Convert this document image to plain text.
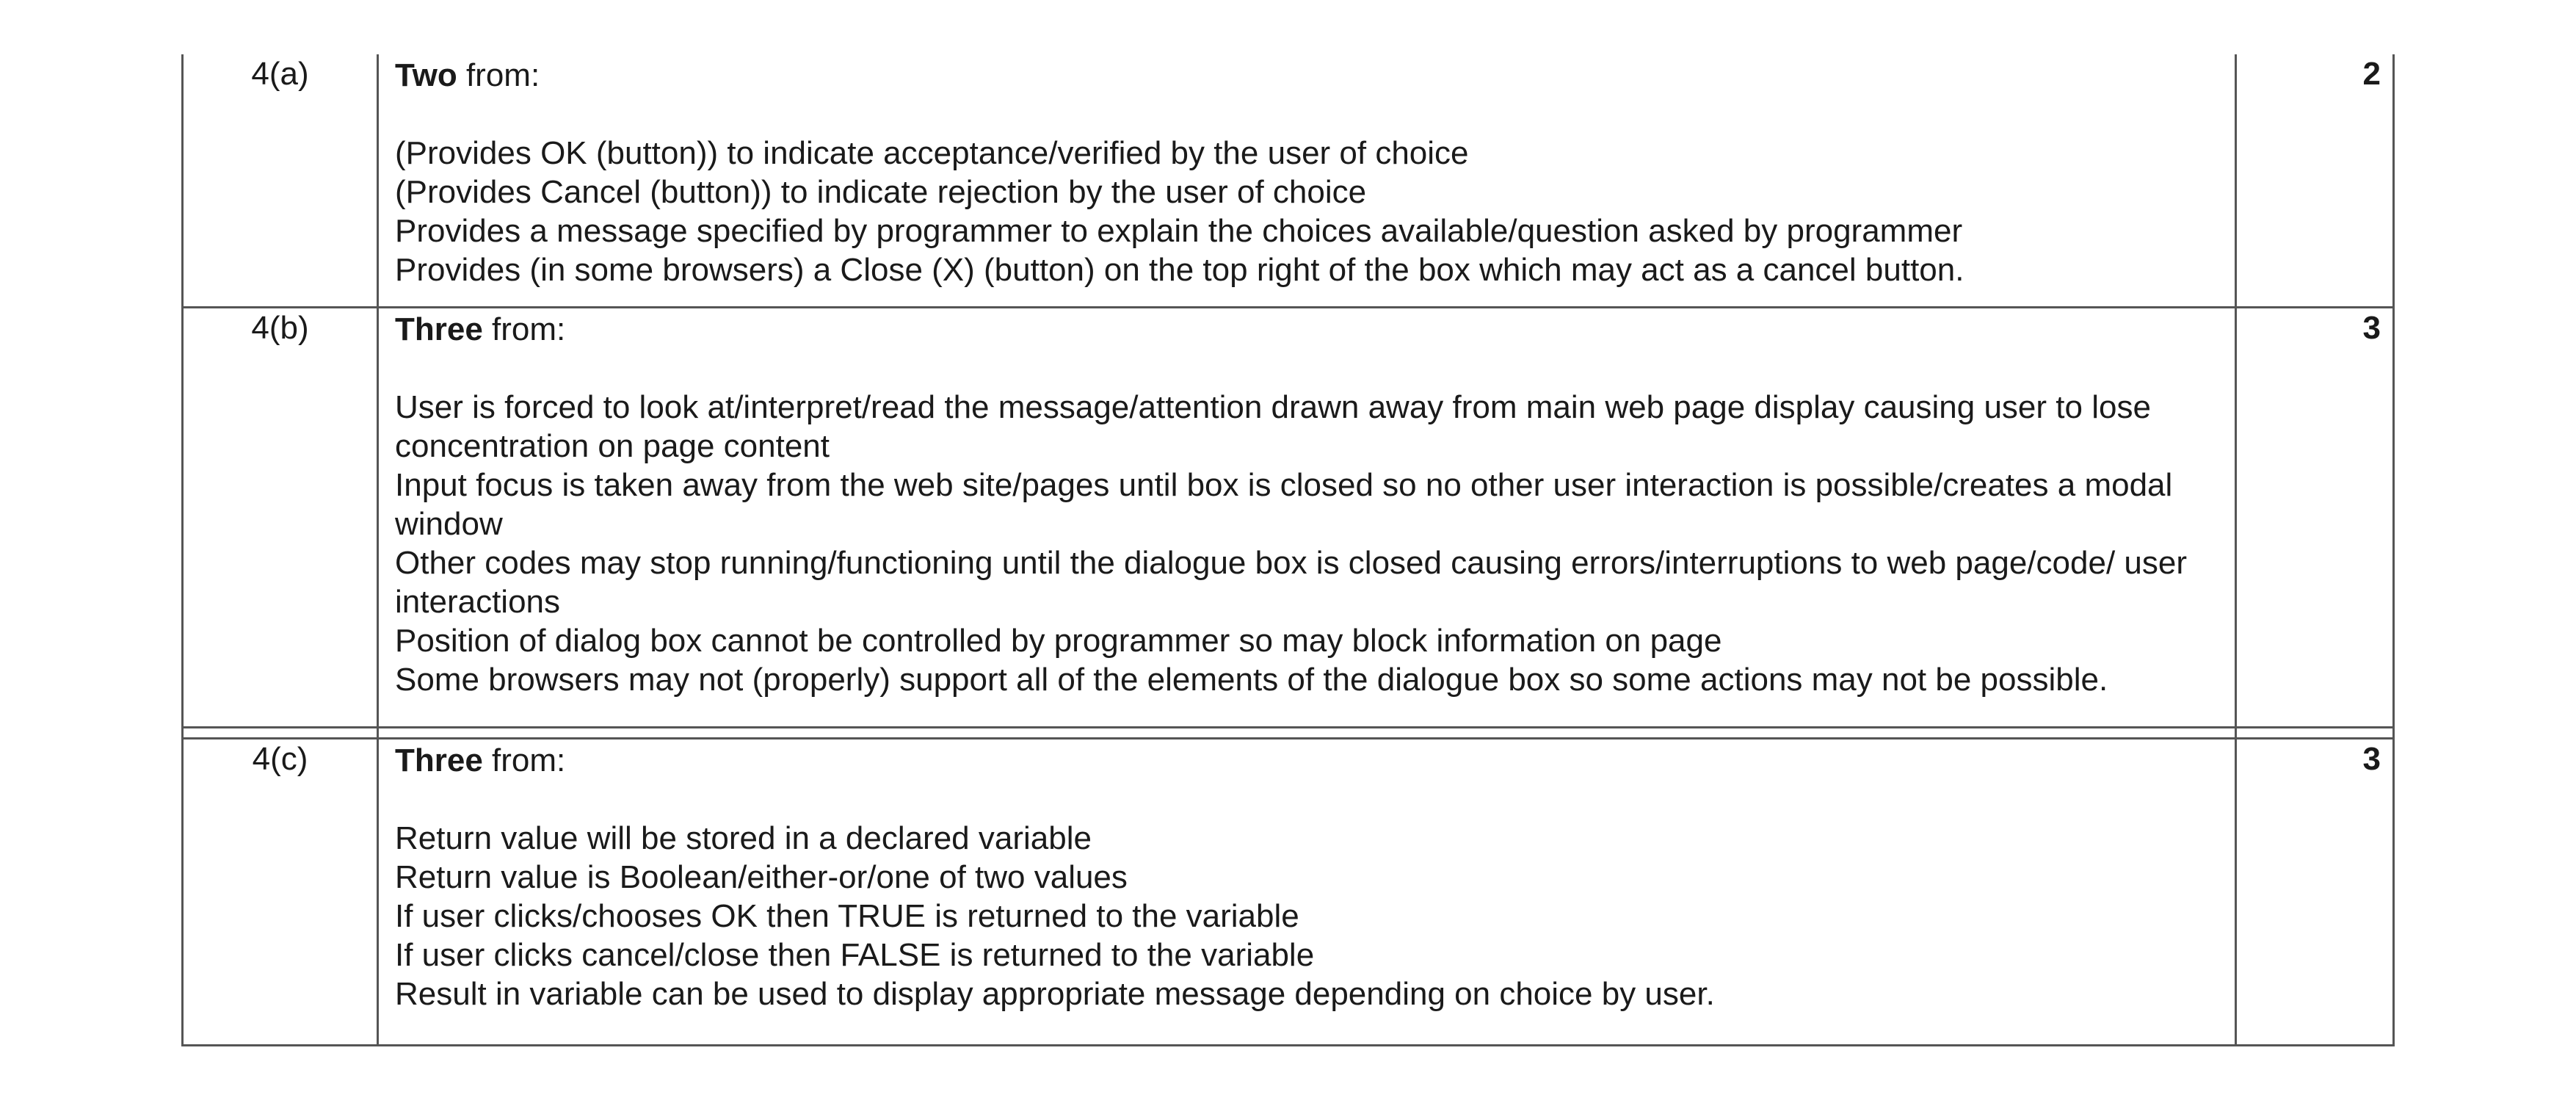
4(a)	Two from:
(Provides OK (button)) to indicate acceptance/verified by the user of choice
(Provides Cancel (button)) to indicate rejection by the user of choice
Provides a message specified by programmer to explain the choices available/question asked by programmer
Provides (in some browsers) a Close (X) (button) on the top right of the box which may act as a cancel button.
2
4(b)	Three from:
User is forced to look at/interpret/read the message/attention drawn away from main web page display causing user to lose concentration on page content
Input focus is taken away from the web site/pages until box is closed so no other user interaction is possible/creates a modal window
Other codes may stop running/functioning until the dialogue box is closed causing errors/interruptions to web page/code/ user interactions
Position of dialog box cannot be controlled by programmer so may block information on page
Some browsers may not (properly) support all of the elements of the dialogue box so some actions may not be possible.
3
4(c)	Three from:
Return value will be stored in a declared variable
Return value is Boolean/either-or/one of two values
If user clicks/chooses OK then TRUE is returned to the variable
If user clicks cancel/close then FALSE is returned to the variable
Result in variable can be used to display appropriate message depending on choice by user.
3
